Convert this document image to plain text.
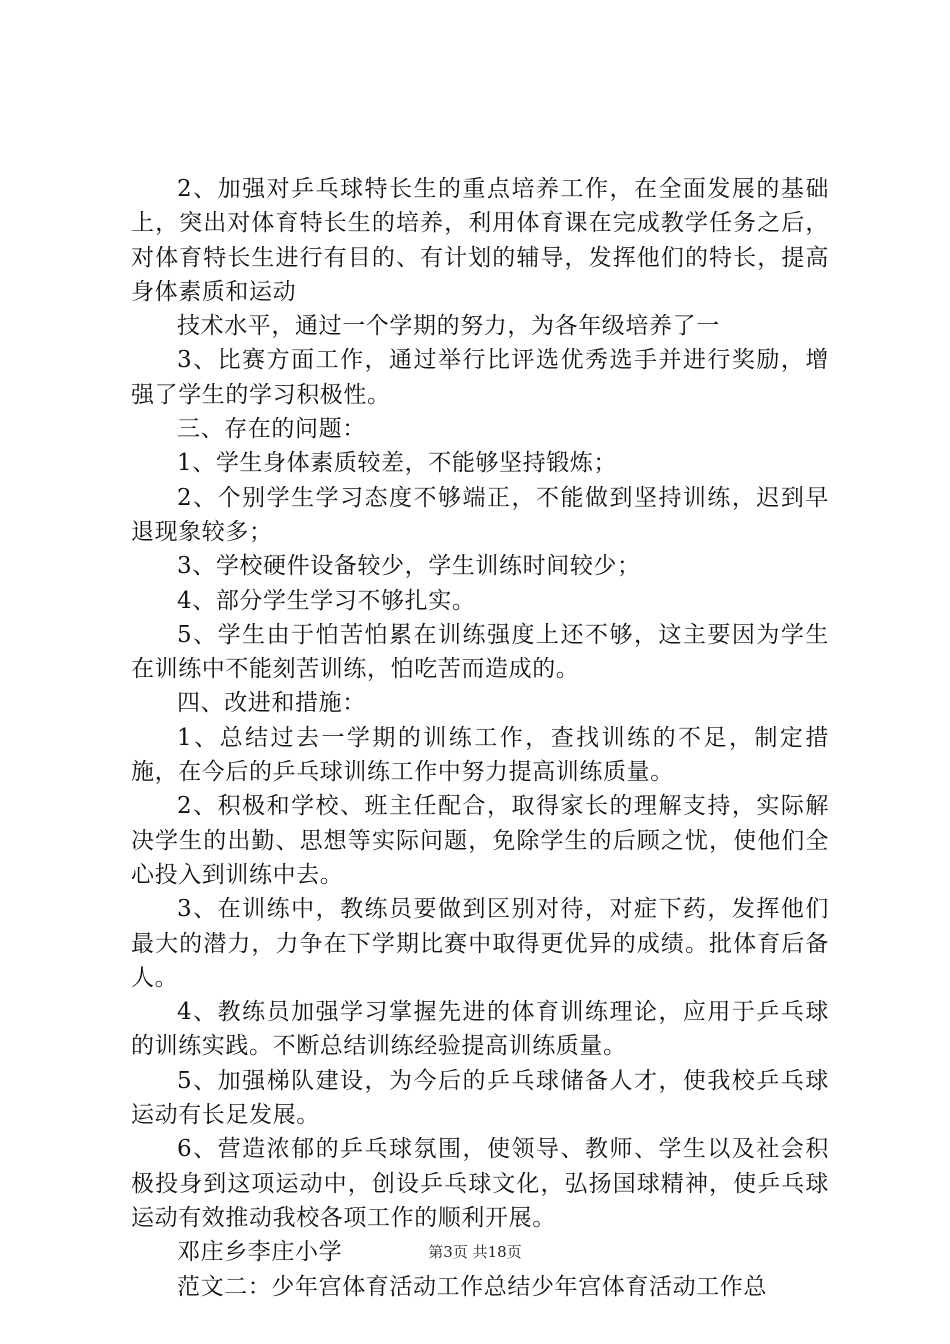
2、加强对乒乓球特长生的重点培养工作，在全面发展的基础上，突出对体育特长生的培养，利用体育课在完成教学任务之后，对体育特长生进行有目的、有计划的辅导，发挥他们的特长，提高身体素质和运动

技术水平，通过一个学期的努力，为各年级培养了一

3、比赛方面工作，通过举行比评选优秀选手并进行奖励，增强了学生的学习积极性。

三、存在的问题：

1、学生身体素质较差，不能够坚持锻炼；

2、个别学生学习态度不够端正，不能做到坚持训练，迟到早退现象较多；

3、学校硬件设备较少，学生训练时间较少；

4、部分学生学习不够扎实。

5、学生由于怕苦怕累在训练强度上还不够，这主要因为学生在训练中不能刻苦训练，怕吃苦而造成的。

四、改进和措施：

1、总结过去一学期的训练工作，查找训练的不足，制定措施，在今后的乒乓球训练工作中努力提高训练质量。

2、积极和学校、班主任配合，取得家长的理解支持，实际解决学生的出勤、思想等实际问题，免除学生的后顾之忧，使他们全心投入到训练中去。

3、在训练中，教练员要做到区别对待，对症下药，发挥他们最大的潜力，力争在下学期比赛中取得更优异的成绩。批体育后备人。

4、教练员加强学习掌握先进的体育训练理论，应用于乒乓球的训练实践。不断总结训练经验提高训练质量。

5、加强梯队建设，为今后的乒乓球储备人才，使我校乒乓球运动有长足发展。

6、营造浓郁的乒乓球氛围，使领导、教师、学生以及社会积极投身到这项运动中，创设乒乓球文化，弘扬国球精神，使乒乓球运动有效推动我校各项工作的顺利开展。

邓庄乡李庄小学

范文二：少年宫体育活动工作总结少年宫体育活动工作总

第3页 共18页
